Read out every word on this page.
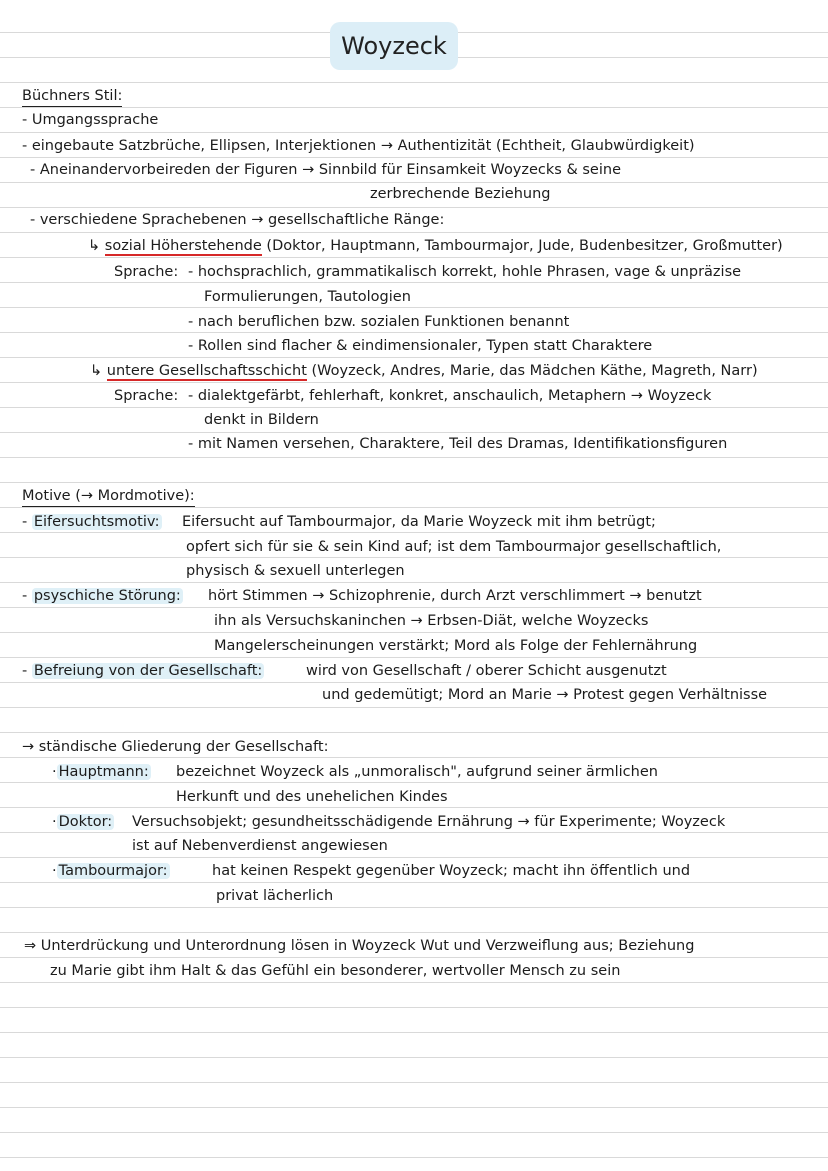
Woyzeck
Büchners Stil:
- Umgangssprache
- eingebaute Satzbrüche, Ellipsen, Interjektionen → Authentizität (Echtheit, Glaubwürdigkeit)
- Aneinandervorbeireden der Figuren → Sinnbild für Einsamkeit Woyzecks & seine
zerbrechende Beziehung
- verschiedene Sprachebenen → gesellschaftliche Ränge:
↳ sozial Höherstehende (Doktor, Hauptmann, Tambourmajor, Jude, Budenbesitzer, Großmutter)
Sprache: - hochsprachlich, grammatikalisch korrekt, hohle Phrasen, vage & unpräzise
Formulierungen, Tautologien
- nach beruflichen bzw. sozialen Funktionen benannt
- Rollen sind flacher & eindimensionaler, Typen statt Charaktere
↳ untere Gesellschaftsschicht (Woyzeck, Andres, Marie, das Mädchen Käthe, Magreth, Narr)
Sprache: - dialektgefärbt, fehlerhaft, konkret, anschaulich, Metaphern → Woyzeck
denkt in Bildern
- mit Namen versehen, Charaktere, Teil des Dramas, Identifikationsfiguren
Motive (→ Mordmotive):
- Eifersuchtsmotiv: Eifersucht auf Tambourmajor, da Marie Woyzeck mit ihm betrügt;
opfert sich für sie & sein Kind auf; ist dem Tambourmajor gesellschaftlich,
physisch & sexuell unterlegen
- psyschiche Störung: hört Stimmen → Schizophrenie, durch Arzt verschlimmert → benutzt
ihn als Versuchskaninchen → Erbsen-Diät, welche Woyzecks
Mangelerscheinungen verstärkt; Mord als Folge der Fehlernährung
- Befreiung von der Gesellschaft:	wird von Gesellschaft / oberer Schicht ausgenutzt
und gedemütigt; Mord an Marie → Protest gegen Verhältnisse
→ ständische Gliederung der Gesellschaft:
· Hauptmann: bezeichnet Woyzeck als „unmoralisch", aufgrund seiner ärmlichen
Herkunft und des unehelichen Kindes
· Doktor: Versuchsobjekt; gesundheitsschädigende Ernährung → für Experimente; Woyzeck
ist auf Nebenverdienst angewiesen
· Tambourmajor:	hat keinen Respekt gegenüber Woyzeck; macht ihn öffentlich und
privat lächerlich
⇒ Unterdrückung und Unterordnung lösen in Woyzeck Wut und Verzweiflung aus; Beziehung
zu Marie gibt ihm Halt & das Gefühl ein besonderer, wertvoller Mensch zu sein
